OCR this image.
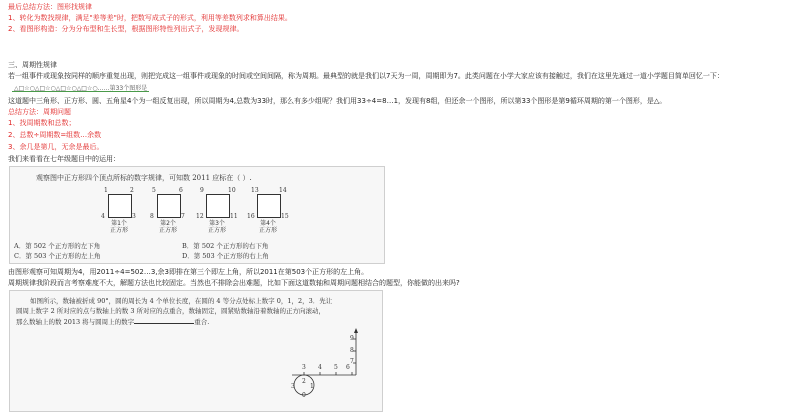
最后总结方法：图形找规律
1、转化为数找规律，满足"差等差"时，把数写成式子的形式，利用等差数列求和算出结果。
2、看图形构造：分为分布型和生长型，根据图形特性列出式子，发现规律。
三、周期性规律
若一组事件或现象按同样的顺序重复出现，则把完成这一组事件或现象的时间或空间间隔，称为周期。最典型的就是我们以7天为一周，周期即为7。此类问题在小学大家应该有接触过，我们在这里先通过一道小学题目简单回忆一下：
△□☆○△□☆○△□☆○△□☆○……第33个图形是
这道题中三角形、正方形、圆、五角星4个为一组反复出现，所以周期为4,总数为33时，那么有多少组呢？我们用33÷4=8…1，发现有8组，但还余一个图形，所以第33个图形是第9循环周期的第一个图形，是△。
总结方法：周期问题
1、找周期数和总数；
2、总数÷周期数=组数…余数
3、余几是第几，无余是最后。
我们来看看在七年级题目中的运用：
观察图中正方形四个顶点所标的数字规律，可知数 2011 应标在（ ）.
1	2
4	3
第1个
正方形
5	6
8	7
第2个
正方形
9	10
12	11
第3个
正方形
13	14
16	15
第4个
正方形
A．第 502 个正方形的左下角	B．第 502 个正方形的右下角
C．第 503 个正方形的左上角	D．第 503 个正方形的右上角
由图形观察可知周期为4，用2011÷4=502…3,余3即排在第三个即左上角，所以2011在第503个正方形的左上角。
周期规律我阶段而言考察难度不大，解题方法也比较固定。当然也不排除会出难题，比如下面这道数轴和周期问题相结合的题型，你能做的出来吗?
如图所示，数轴被折成 90°，圆的周长为 4 个单位长度，在圆的 4 等分点处标上数字 0，1，2，3．先让
圆周上数字 2 所对应的点与数轴上的数 3 所对应的点重合，数轴固定，圆紧贴数轴沿着数轴的正方向滚动，
那么数轴上的数 2013 将与圆周上的数字	重合.
3 4 5 6
7
8
9
2
3	1
0
